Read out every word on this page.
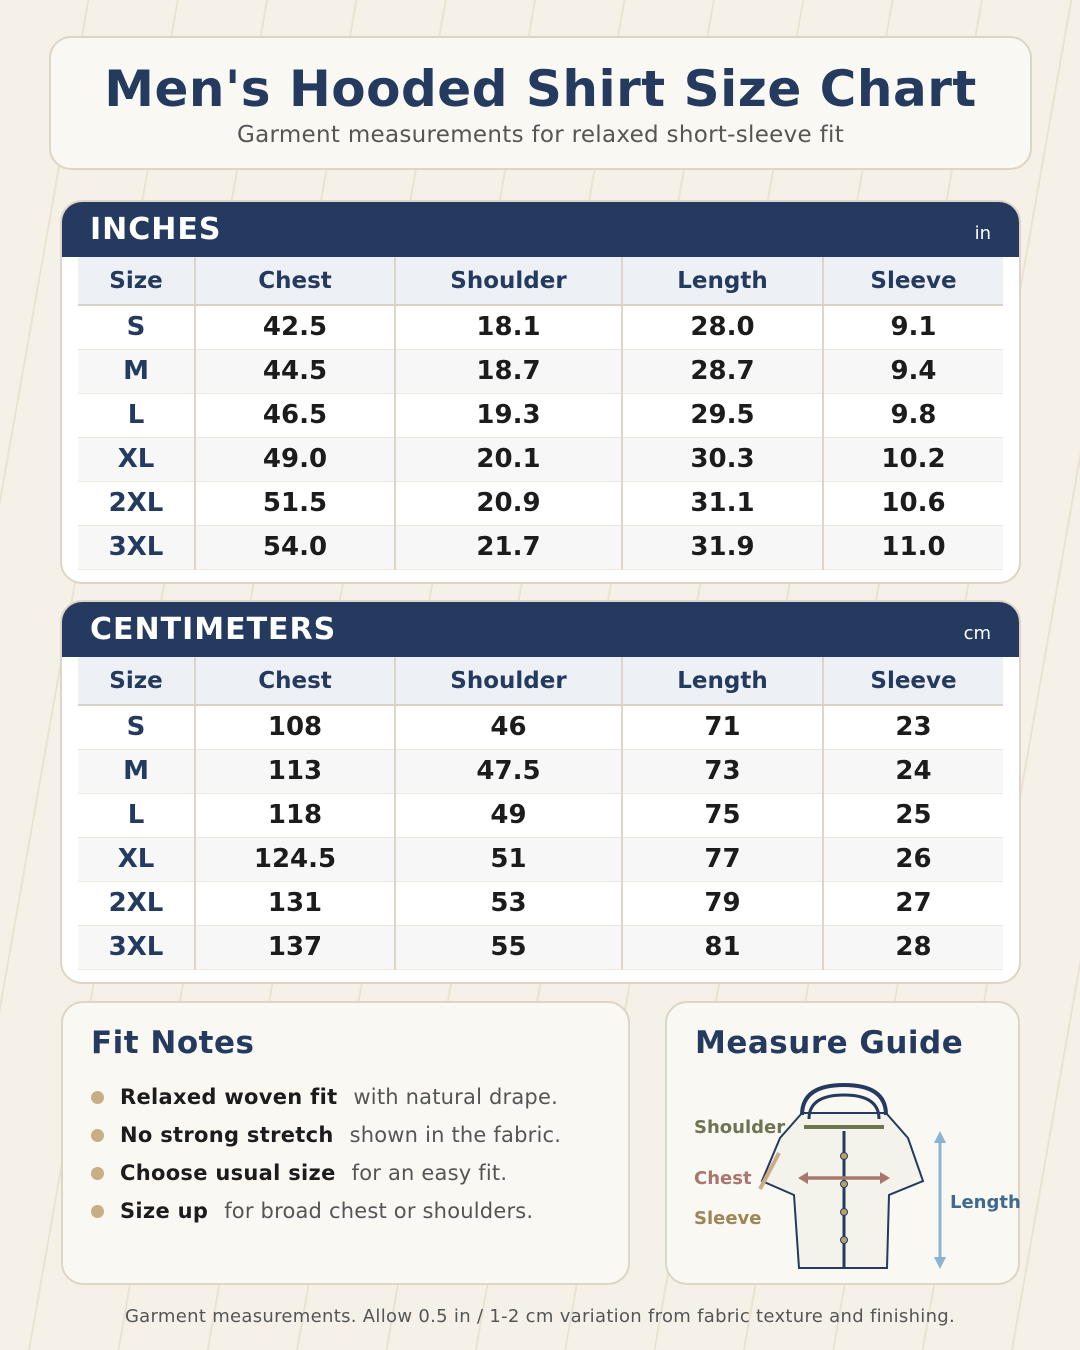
Men's Hooded Shirt Size Chart
Garment measurements for relaxed short-sleeve fit
INCHES	in
Size	Chest	Shoulder	Length	Sleeve
S	42.5	18.1	28.0	9.1
M	44.5	18.7	28.7	9.4
L	46.5	19.3	29.5	9.8
XL	49.0	20.1	30.3	10.2
2XL	51.5	20.9	31.1	10.6
3XL	54.0	21.7	31.9	11.0
CENTIMETERS	cm
Size	Chest	Shoulder	Length	Sleeve
S	108	46	71	23
M	113	47.5	73	24
L	118	49	75	25
XL	124.5	51	77	26
2XL	131	53	79	27
3XL	137	55	81	28
Fit Notes
Relaxed woven fit with natural drape.
No strong stretch shown in the fabric.
Choose usual size for an easy fit.
Size up for broad chest or shoulders.
Measure Guide
Shoulder
Chest
Sleeve
Length
Garment measurements. Allow 0.5 in / 1-2 cm variation from fabric texture and finishing.
